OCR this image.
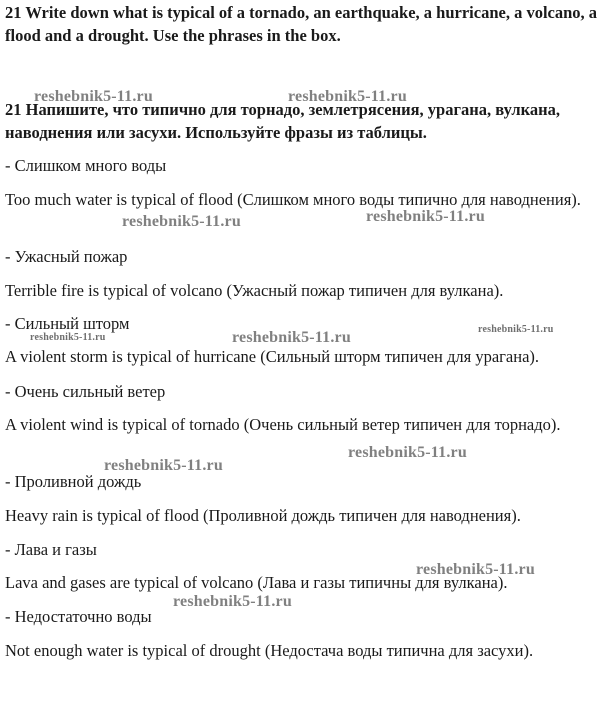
21 Write down what is typical of a tornado, an earthquake, a hurricane, a volcano, a flood and a drought. Use the phrases in the box.
21 Напишите, что типично для торнадо, землетрясения, урагана, вулкана, наводнения или засухи. Используйте фразы из таблицы.
- Слишком много воды
Too much water is typical of flood (Слишком много воды типично для наводнения).
- Ужасный пожар
Terrible fire is typical of volcano (Ужасный пожар типичен для вулкана).
- Сильный шторм
A violent storm is typical of hurricane (Сильный шторм типичен для урагана).
- Очень сильный ветер
A violent wind is typical of tornado (Очень сильный ветер типичен для торнадо).
- Проливной дождь
Heavy rain is typical of flood (Проливной дождь типичен для наводнения).
- Лава и газы
Lava and gases are typical of volcano (Лава и газы типичны для вулкана).
- Недостаточно воды
Not enough water is typical of drought (Недостача воды типична для засухи).
reshebnik5-11.ru	reshebnik5-11.ru
reshebnik5-11.ru	reshebnik5-11.ru
reshebnik5-11.ru	reshebnik5-11.ru	reshebnik5-11.ru
reshebnik5-11.ru
reshebnik5-11.ru
reshebnik5-11.ru
reshebnik5-11.ru
